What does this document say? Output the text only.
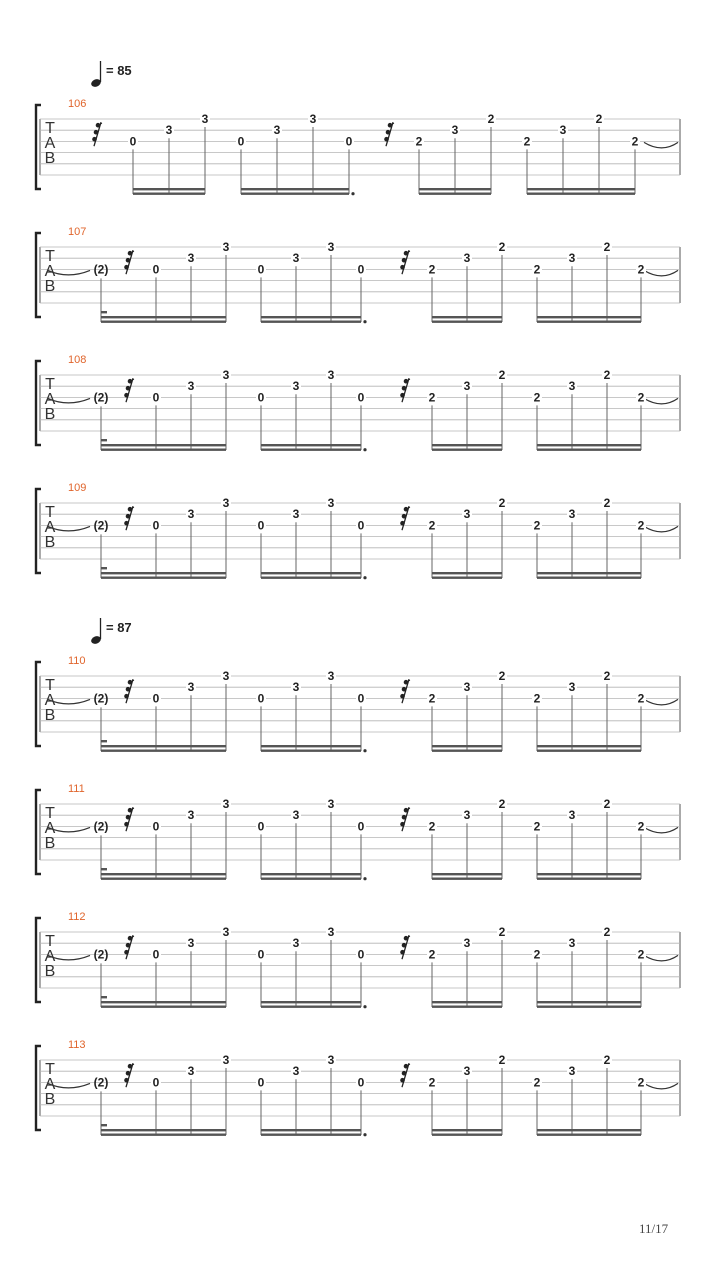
= 85
= 87
T
A
B
106
0
3
3
0
3
3
0	2
3
2
2
3
2
2
T
A
B
107
(2)	0
3
3
0
3
3
0	2
3
2
2
3
2
2
T
A
B
108
(2)	0
3
3
0
3
3
0	2
3
2
2
3
2
2
T
A
B
109
(2)	0
3
3
0
3
3
0	2
3
2
2
3
2
2
T
A
B
110
(2)	0
3
3
0
3
3
0	2
3
2
2
3
2
2
T
A
B
111
(2)	0
3
3
0
3
3
0	2
3
2
2
3
2
2
T
A
B
112
(2)	0
3
3
0
3
3
0	2
3
2
2
3
2
2
T
A
B
113
(2)	0
3
3
0
3
3
0	2
3
2
2
3
2
2
11/17
